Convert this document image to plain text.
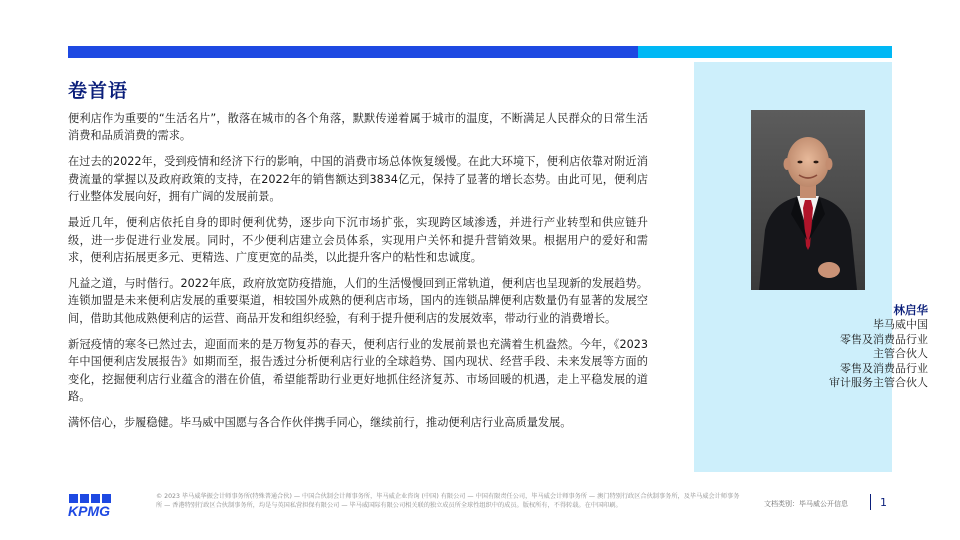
卷首语

便利店作为重要的“生活名片”，散落在城市的各个角落，默默传递着属于城市的温度，不断满足人民群众的日常生活消费和品质消费的需求。

在过去的2022年，受到疫情和经济下行的影响，中国的消费市场总体恢复缓慢。在此大环境下，便利店依靠对附近消费流量的掌握以及政府政策的支持，在2022年的销售额达到3834亿元，保持了显著的增长态势。由此可见，便利店行业整体发展向好，拥有广阔的发展前景。

最近几年，便利店依托自身的即时便利优势，逐步向下沉市场扩张，实现跨区域渗透，并进行产业转型和供应链升级，进一步促进行业发展。同时，不少便利店建立会员体系，实现用户关怀和提升营销效果。根据用户的爱好和需求，便利店拓展更多元、更精选、广度更宽的品类，以此提升客户的粘性和忠诚度。

凡益之道，与时偕行。2022年底，政府放宽防疫措施，人们的生活慢慢回到正常轨道，便利店也呈现新的发展趋势。连锁加盟是未来便利店发展的重要渠道，相较国外成熟的便利店市场，国内的连锁品牌便利店数量仍有显著的发展空间，借助其他成熟便利店的运营、商品开发和组织经验，有利于提升便利店的发展效率，带动行业的消费增长。

新冠疫情的寒冬已然过去，迎面而来的是万物复苏的春天，便利店行业的发展前景也充满着生机盎然。今年，《2023年中国便利店发展报告》如期而至，报告透过分析便利店行业的全球趋势、国内现状、经营手段、未来发展等方面的变化，挖掘便利店行业蕴含的潜在价值，希望能帮助行业更好地抓住经济复苏、市场回暖的机遇，走上平稳发展的道路。

满怀信心，步履稳健。毕马威中国愿与各合作伙伴携手同心，继续前行，推动便利店行业高质量发展。

林启华
毕马威中国
零售及消费品行业
主管合伙人
零售及消费品行业
审计服务主管合伙人
KPMG
© 2023 毕马威华振会计师事务所(特殊普通合伙) — 中国合伙制会计师事务所，毕马威企业咨询 (中国) 有限公司 — 中国有限责任公司，毕马威会计师事务所 — 澳门特别行政区合伙制事务所，及毕马威会计师事务所 — 香港特别行政区合伙制事务所，均是与英国私营担保有限公司 — 毕马威国际有限公司相关联的独立成员所全球性组织中的成员。版权所有，不得转载。在中国印刷。	文档类别：毕马威公开信息	1
